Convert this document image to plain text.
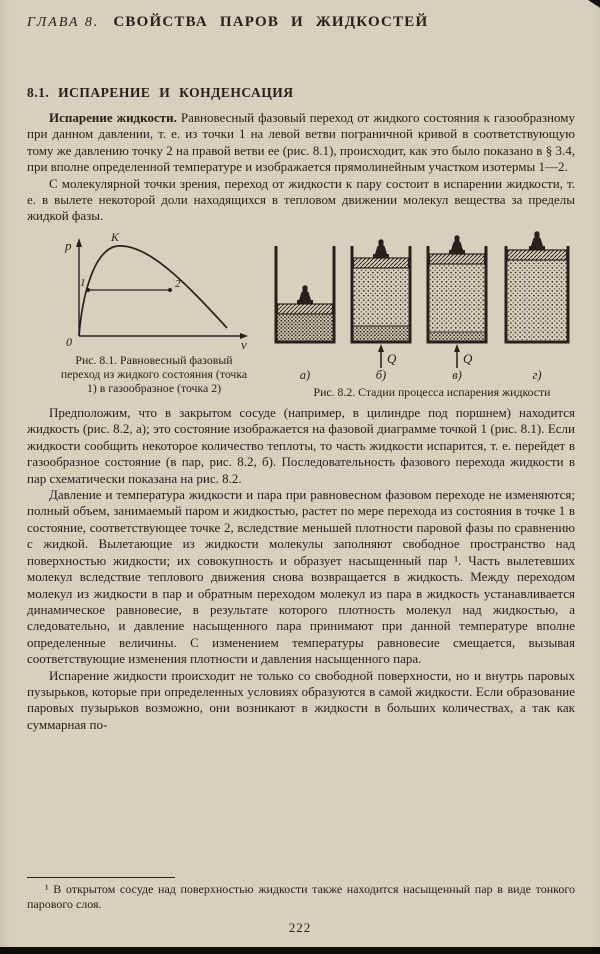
ГЛАВА 8. СВОЙСТВА ПАРОВ И ЖИДКОСТЕЙ
8.1. ИСПАРЕНИЕ И КОНДЕНСАЦИЯ

Испарение жидкости. Равновесный фазовый переход от жидкого состояния к газообразному при данном давлении, т. е. из точки 1 на левой ветви пограничной кривой в соответствующую тому же давлению точку 2 на правой ветви ее (рис. 8.1), происходит, как это было показано в § 3.4, при вполне определенной температуре и изображается прямолинейным участком изотермы 1—2.

С молекулярной точки зрения, переход от жидкости к пару состоит в испарении жидкости, т. е. в вылете некоторой доли находящихся в тепловом движении молекул вещества за пределы жидкой фазы.

p
K
1	2
0	v
Рис. 8.1. Равновесный фазовый переход из жидкого состояния (точка 1) в газообразное (точка 2)
Q	Q
а)	б)	в)	г)
Рис. 8.2. Стадии процесса испарения жидкости

Предположим, что в закрытом сосуде (например, в цилиндре под поршнем) находится жидкость (рис. 8.2, а); это состояние изображается на фазовой диаграмме точкой 1 (рис. 8.1). Если жидкости сообщить некоторое количество теплоты, то часть жидкости испарится, т. е. перейдет в газообразное состояние (в пар, рис. 8.2, б). Последовательность фазового перехода жидкости в пар схематически показана на рис. 8.2.

Давление и температура жидкости и пара при равновесном фазовом переходе не изменяются; полный объем, занимаемый паром и жидкостью, растет по мере перехода из состояния в точке 1 в состояние, соответствующее точке 2, вследствие меньшей плотности паровой фазы по сравнению с жидкой. Вылетающие из жидкости молекулы заполняют свободное пространство над поверхностью жидкости; их совокупность и образует насыщенный пар ¹. Часть вылетевших молекул вследствие теплового движения снова возвращается в жидкость. Между переходом молекул из жидкости в пар и обратным переходом молекул из пара в жидкость устанавливается динамическое равновесие, в результате которого плотность молекул над жидкостью, а следовательно, и давление насыщенного пара принимают при данной температуре вполне определенные величины. С изменением температуры равновесие смещается, вызывая соответствующие изменения плотности и давления насыщенного пара.

Испарение жидкости происходит не только со свободной поверхности, но и внутрь паровых пузырьков, которые при определенных условиях образуются в самой жидкости. Если образование паровых пузырьков возможно, они возникают в жидкости в больших количествах, а так как суммарная по-

¹ В открытом сосуде над поверхностью жидкости также находится насыщенный пар в виде тонкого парового слоя.

222
